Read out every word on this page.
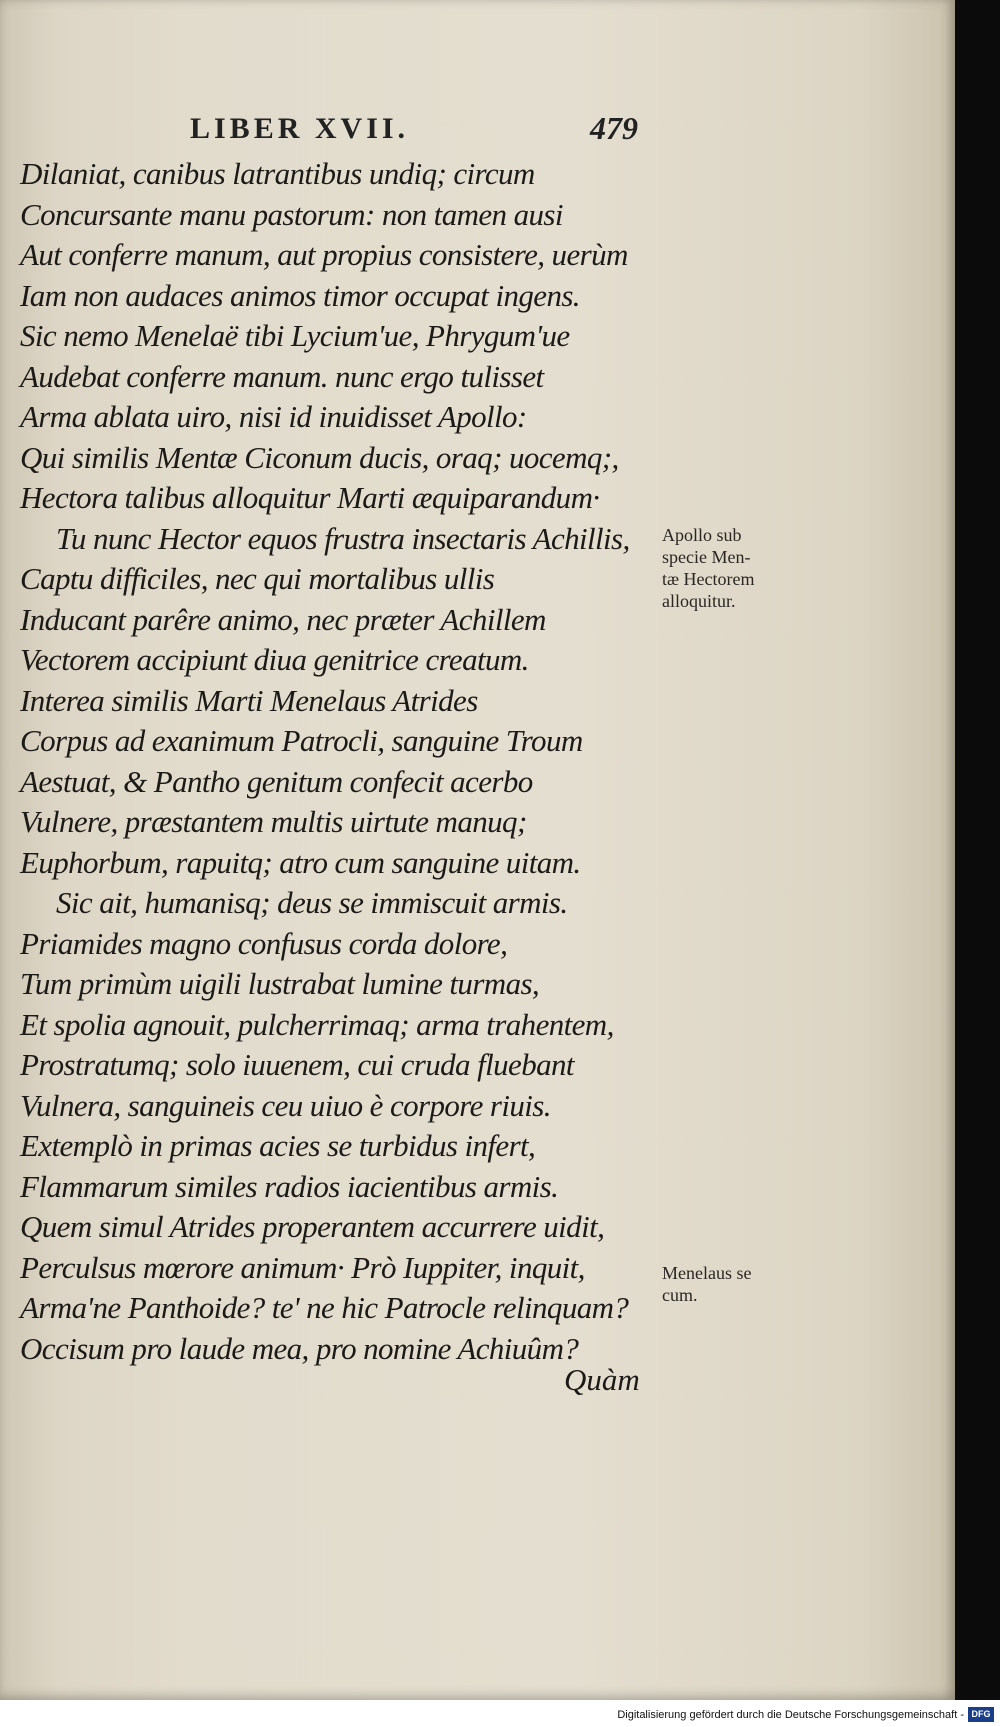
LIBER XVII.	479
Dilaniat, canibus latrantibus undiq; circum
Concursante manu pastorum: non tamen ausi
Aut conferre manum, aut propius consistere, uerùm
Iam non audaces animos timor occupat ingens.
Sic nemo Menelaë tibi Lycium'ue, Phrygum'ue
Audebat conferre manum. nunc ergo tulisset
Arma ablata uiro, nisi id inuidisset Apollo:
Qui similis Mentæ Ciconum ducis, oraq; uocemq;,
Hectora talibus alloquitur Marti æquiparandum·
Tu nunc Hector equos frustra insectaris Achillis,
Captu difficiles, nec qui mortalibus ullis
Inducant parêre animo, nec præter Achillem
Vectorem accipiunt diua genitrice creatum.
Interea similis Marti Menelaus Atrides
Corpus ad exanimum Patrocli, sanguine Troum
Aestuat, & Pantho genitum confecit acerbo
Vulnere, præstantem multis uirtute manuq;
Euphorbum, rapuitq; atro cum sanguine uitam.
Sic ait, humanisq; deus se immiscuit armis.
Priamides magno confusus corda dolore,
Tum primùm uigili lustrabat lumine turmas,
Et spolia agnouit, pulcherrimaq; arma trahentem,
Prostratumq; solo iuuenem, cui cruda fluebant
Vulnera, sanguineis ceu uiuo è corpore riuis.
Extemplò in primas acies se turbidus infert,
Flammarum similes radios iacientibus armis.
Quem simul Atrides properantem accurrere uidit,
Perculsus mœrore animum· Prò Iuppiter, inquit,
Arma'ne Panthoide? te' ne hic Patrocle relinquam?
Occisum pro laude mea, pro nomine Achiuûm?
Apollo sub
specie Men-
tæ Hectorem
alloquitur.
Menelaus se
cum.
Quàm
Digitalisierung gefördert durch die Deutsche Forschungsgemeinschaft - DFG
